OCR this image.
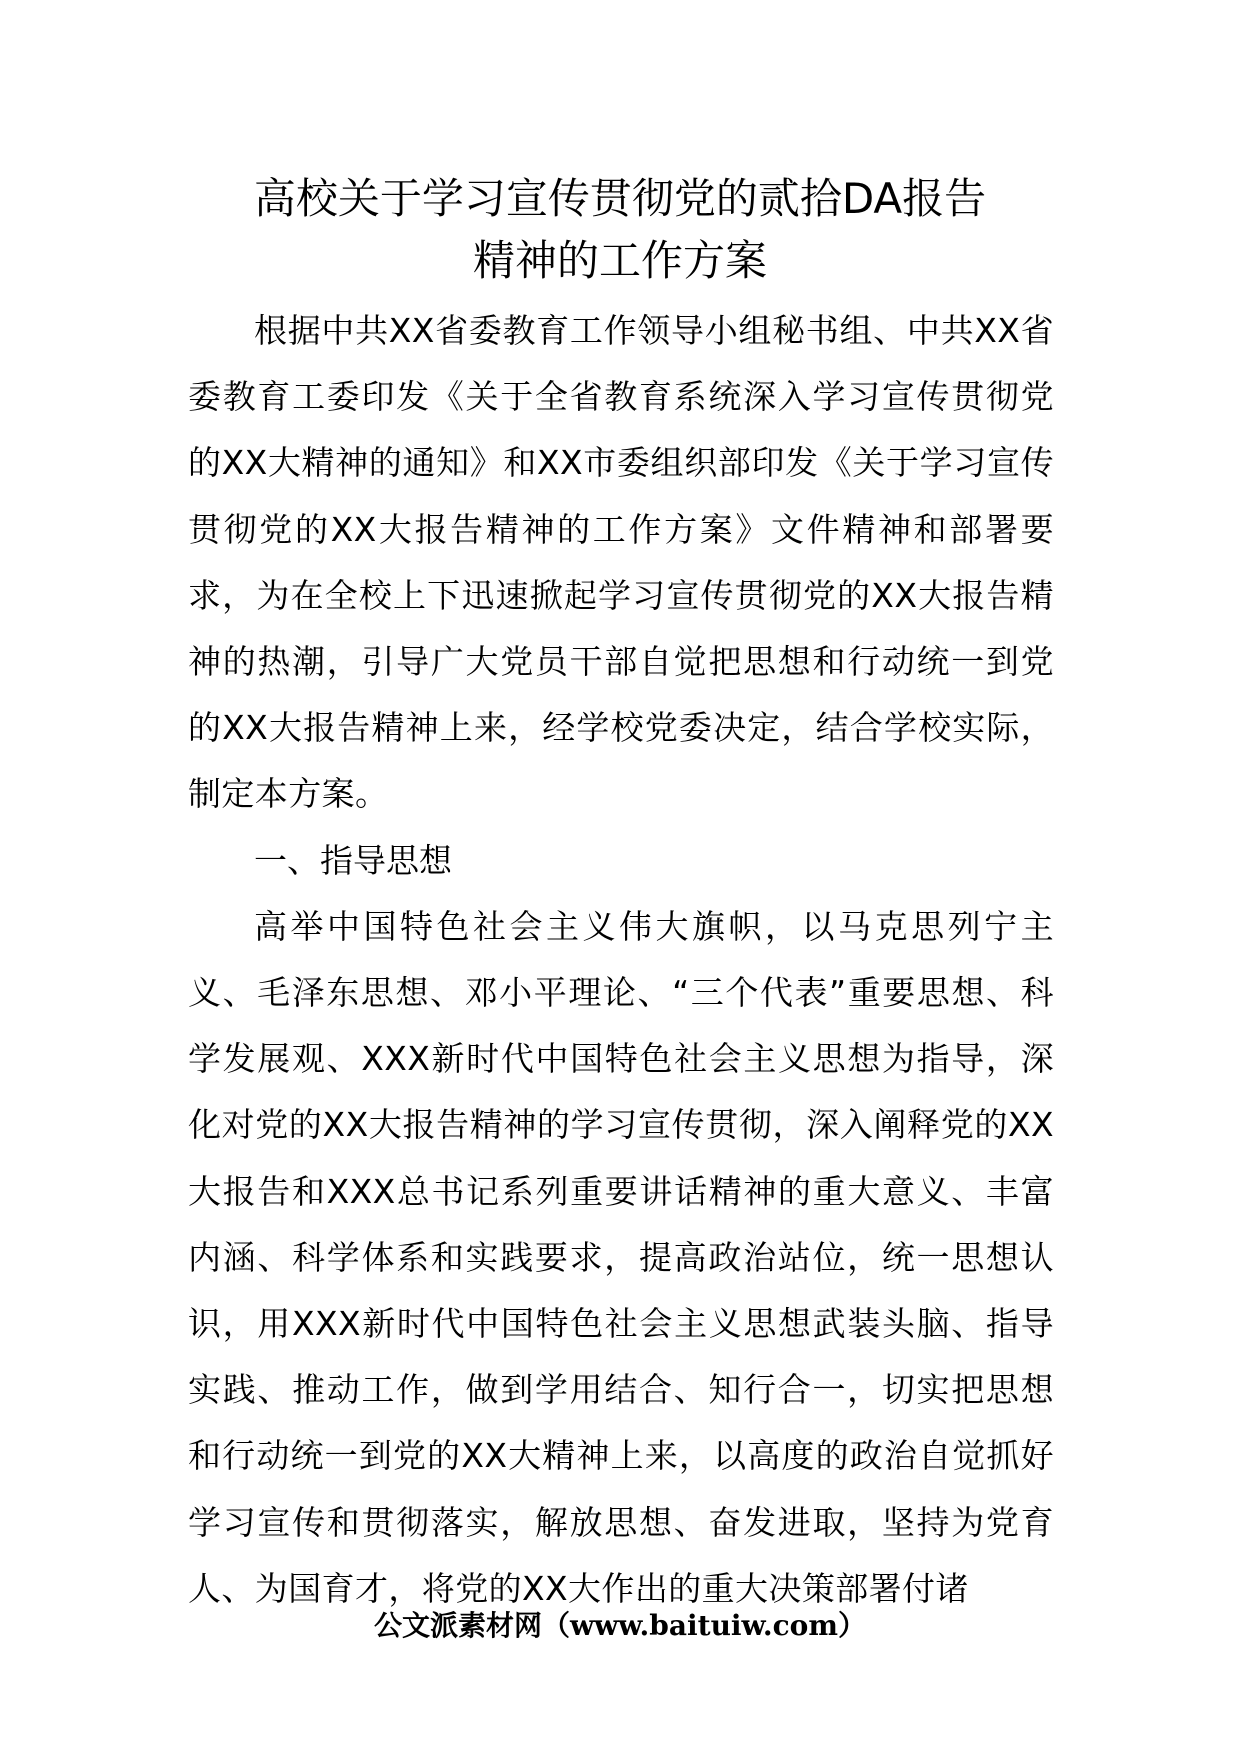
高校关于学习宣传贯彻党的贰拾DA报告
精神的工作方案

根据中共XX省委教育工作领导小组秘书组、中共XX省委教育工委印发《关于全省教育系统深入学习宣传贯彻党的XX大精神的通知》和XX市委组织部印发《关于学习宣传贯彻党的XX大报告精神的工作方案》文件精神和部署要求，为在全校上下迅速掀起学习宣传贯彻党的XX大报告精神的热潮，引导广大党员干部自觉把思想和行动统一到党的XX大报告精神上来，经学校党委决定，结合学校实际，制定本方案。

一、指导思想

高举中国特色社会主义伟大旗帜，以马克思列宁主义、毛泽东思想、邓小平理论、“三个代表”重要思想、科学发展观、XXX新时代中国特色社会主义思想为指导，深化对党的XX大报告精神的学习宣传贯彻，深入阐释党的XX大报告和XXX总书记系列重要讲话精神的重大意义、丰富内涵、科学体系和实践要求，提高政治站位，统一思想认识，用XXX新时代中国特色社会主义思想武装头脑、指导实践、推动工作，做到学用结合、知行合一，切实把思想和行动统一到党的XX大精神上来，以高度的政治自觉抓好学习宣传和贯彻落实，解放思想、奋发进取，坚持为党育人、为国育才，将党的XX大作出的重大决策部署付诸

公文派素材网（www.baituiw.com）
